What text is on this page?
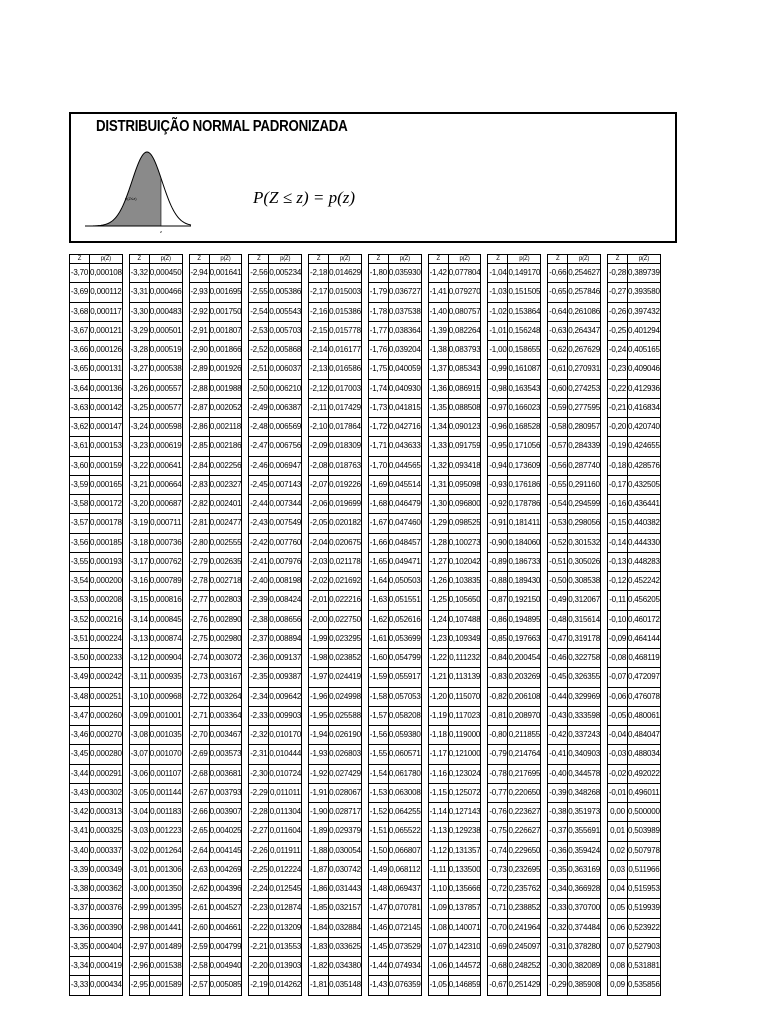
DISTRIBUIÇÃO NORMAL PADRONIZADA
p(Z≤z)
z
P(Z ≤ z) = p(z)
Z	p(Z)		Z	p(Z)		Z	p(Z)		Z	p(Z)		Z	p(Z)		Z	p(Z)		Z	p(Z)		Z	p(Z)		Z	p(Z)		Z	p(Z)
-3,70	0,000108		-3,32	0,000450		-2,94	0,001641		-2,56	0,005234		-2,18	0,014629		-1,80	0,035930		-1,42	0,077804		-1,04	0,149170		-0,66	0,254627		-0,28	0,389739
-3,69	0,000112		-3,31	0,000466		-2,93	0,001695		-2,55	0,005386		-2,17	0,015003		-1,79	0,036727		-1,41	0,079270		-1,03	0,151505		-0,65	0,257846		-0,27	0,393580
-3,68	0,000117		-3,30	0,000483		-2,92	0,001750		-2,54	0,005543		-2,16	0,015386		-1,78	0,037538		-1,40	0,080757		-1,02	0,153864		-0,64	0,261086		-0,26	0,397432
-3,67	0,000121		-3,29	0,000501		-2,91	0,001807		-2,53	0,005703		-2,15	0,015778		-1,77	0,038364		-1,39	0,082264		-1,01	0,156248		-0,63	0,264347		-0,25	0,401294
-3,66	0,000126		-3,28	0,000519		-2,90	0,001866		-2,52	0,005868		-2,14	0,016177		-1,76	0,039204		-1,38	0,083793		-1,00	0,158655		-0,62	0,267629		-0,24	0,405165
-3,65	0,000131		-3,27	0,000538		-2,89	0,001926		-2,51	0,006037		-2,13	0,016586		-1,75	0,040059		-1,37	0,085343		-0,99	0,161087		-0,61	0,270931		-0,23	0,409046
-3,64	0,000136		-3,26	0,000557		-2,88	0,001988		-2,50	0,006210		-2,12	0,017003		-1,74	0,040930		-1,36	0,086915		-0,98	0,163543		-0,60	0,274253		-0,22	0,412936
-3,63	0,000142		-3,25	0,000577		-2,87	0,002052		-2,49	0,006387		-2,11	0,017429		-1,73	0,041815		-1,35	0,088508		-0,97	0,166023		-0,59	0,277595		-0,21	0,416834
-3,62	0,000147		-3,24	0,000598		-2,86	0,002118		-2,48	0,006569		-2,10	0,017864		-1,72	0,042716		-1,34	0,090123		-0,96	0,168528		-0,58	0,280957		-0,20	0,420740
-3,61	0,000153		-3,23	0,000619		-2,85	0,002186		-2,47	0,006756		-2,09	0,018309		-1,71	0,043633		-1,33	0,091759		-0,95	0,171056		-0,57	0,284339		-0,19	0,424655
-3,60	0,000159		-3,22	0,000641		-2,84	0,002256		-2,46	0,006947		-2,08	0,018763		-1,70	0,044565		-1,32	0,093418		-0,94	0,173609		-0,56	0,287740		-0,18	0,428576
-3,59	0,000165		-3,21	0,000664		-2,83	0,002327		-2,45	0,007143		-2,07	0,019226		-1,69	0,045514		-1,31	0,095098		-0,93	0,176186		-0,55	0,291160		-0,17	0,432505
-3,58	0,000172		-3,20	0,000687		-2,82	0,002401		-2,44	0,007344		-2,06	0,019699		-1,68	0,046479		-1,30	0,096800		-0,92	0,178786		-0,54	0,294599		-0,16	0,436441
-3,57	0,000178		-3,19	0,000711		-2,81	0,002477		-2,43	0,007549		-2,05	0,020182		-1,67	0,047460		-1,29	0,098525		-0,91	0,181411		-0,53	0,298056		-0,15	0,440382
-3,56	0,000185		-3,18	0,000736		-2,80	0,002555		-2,42	0,007760		-2,04	0,020675		-1,66	0,048457		-1,28	0,100273		-0,90	0,184060		-0,52	0,301532		-0,14	0,444330
-3,55	0,000193		-3,17	0,000762		-2,79	0,002635		-2,41	0,007976		-2,03	0,021178		-1,65	0,049471		-1,27	0,102042		-0,89	0,186733		-0,51	0,305026		-0,13	0,448283
-3,54	0,000200		-3,16	0,000789		-2,78	0,002718		-2,40	0,008198		-2,02	0,021692		-1,64	0,050503		-1,26	0,103835		-0,88	0,189430		-0,50	0,308538		-0,12	0,452242
-3,53	0,000208		-3,15	0,000816		-2,77	0,002803		-2,39	0,008424		-2,01	0,022216		-1,63	0,051551		-1,25	0,105650		-0,87	0,192150		-0,49	0,312067		-0,11	0,456205
-3,52	0,000216		-3,14	0,000845		-2,76	0,002890		-2,38	0,008656		-2,00	0,022750		-1,62	0,052616		-1,24	0,107488		-0,86	0,194895		-0,48	0,315614		-0,10	0,460172
-3,51	0,000224		-3,13	0,000874		-2,75	0,002980		-2,37	0,008894		-1,99	0,023295		-1,61	0,053699		-1,23	0,109349		-0,85	0,197663		-0,47	0,319178		-0,09	0,464144
-3,50	0,000233		-3,12	0,000904		-2,74	0,003072		-2,36	0,009137		-1,98	0,023852		-1,60	0,054799		-1,22	0,111232		-0,84	0,200454		-0,46	0,322758		-0,08	0,468119
-3,49	0,000242		-3,11	0,000935		-2,73	0,003167		-2,35	0,009387		-1,97	0,024419		-1,59	0,055917		-1,21	0,113139		-0,83	0,203269		-0,45	0,326355		-0,07	0,472097
-3,48	0,000251		-3,10	0,000968		-2,72	0,003264		-2,34	0,009642		-1,96	0,024998		-1,58	0,057053		-1,20	0,115070		-0,82	0,206108		-0,44	0,329969		-0,06	0,476078
-3,47	0,000260		-3,09	0,001001		-2,71	0,003364		-2,33	0,009903		-1,95	0,025588		-1,57	0,058208		-1,19	0,117023		-0,81	0,208970		-0,43	0,333598		-0,05	0,480061
-3,46	0,000270		-3,08	0,001035		-2,70	0,003467		-2,32	0,010170		-1,94	0,026190		-1,56	0,059380		-1,18	0,119000		-0,80	0,211855		-0,42	0,337243		-0,04	0,484047
-3,45	0,000280		-3,07	0,001070		-2,69	0,003573		-2,31	0,010444		-1,93	0,026803		-1,55	0,060571		-1,17	0,121000		-0,79	0,214764		-0,41	0,340903		-0,03	0,488034
-3,44	0,000291		-3,06	0,001107		-2,68	0,003681		-2,30	0,010724		-1,92	0,027429		-1,54	0,061780		-1,16	0,123024		-0,78	0,217695		-0,40	0,344578		-0,02	0,492022
-3,43	0,000302		-3,05	0,001144		-2,67	0,003793		-2,29	0,011011		-1,91	0,028067		-1,53	0,063008		-1,15	0,125072		-0,77	0,220650		-0,39	0,348268		-0,01	0,496011
-3,42	0,000313		-3,04	0,001183		-2,66	0,003907		-2,28	0,011304		-1,90	0,028717		-1,52	0,064255		-1,14	0,127143		-0,76	0,223627		-0,38	0,351973		0,00	0,500000
-3,41	0,000325		-3,03	0,001223		-2,65	0,004025		-2,27	0,011604		-1,89	0,029379		-1,51	0,065522		-1,13	0,129238		-0,75	0,226627		-0,37	0,355691		0,01	0,503989
-3,40	0,000337		-3,02	0,001264		-2,64	0,004145		-2,26	0,011911		-1,88	0,030054		-1,50	0,066807		-1,12	0,131357		-0,74	0,229650		-0,36	0,359424		0,02	0,507978
-3,39	0,000349		-3,01	0,001306		-2,63	0,004269		-2,25	0,012224		-1,87	0,030742		-1,49	0,068112		-1,11	0,133500		-0,73	0,232695		-0,35	0,363169		0,03	0,511966
-3,38	0,000362		-3,00	0,001350		-2,62	0,004396		-2,24	0,012545		-1,86	0,031443		-1,48	0,069437		-1,10	0,135666		-0,72	0,235762		-0,34	0,366928		0,04	0,515953
-3,37	0,000376		-2,99	0,001395		-2,61	0,004527		-2,23	0,012874		-1,85	0,032157		-1,47	0,070781		-1,09	0,137857		-0,71	0,238852		-0,33	0,370700		0,05	0,519939
-3,36	0,000390		-2,98	0,001441		-2,60	0,004661		-2,22	0,013209		-1,84	0,032884		-1,46	0,072145		-1,08	0,140071		-0,70	0,241964		-0,32	0,374484		0,06	0,523922
-3,35	0,000404		-2,97	0,001489		-2,59	0,004799		-2,21	0,013553		-1,83	0,033625		-1,45	0,073529		-1,07	0,142310		-0,69	0,245097		-0,31	0,378280		0,07	0,527903
-3,34	0,000419		-2,96	0,001538		-2,58	0,004940		-2,20	0,013903		-1,82	0,034380		-1,44	0,074934		-1,06	0,144572		-0,68	0,248252		-0,30	0,382089		0,08	0,531881
-3,33	0,000434		-2,95	0,001589		-2,57	0,005085		-2,19	0,014262		-1,81	0,035148		-1,43	0,076359		-1,05	0,146859		-0,67	0,251429		-0,29	0,385908		0,09	0,535856
